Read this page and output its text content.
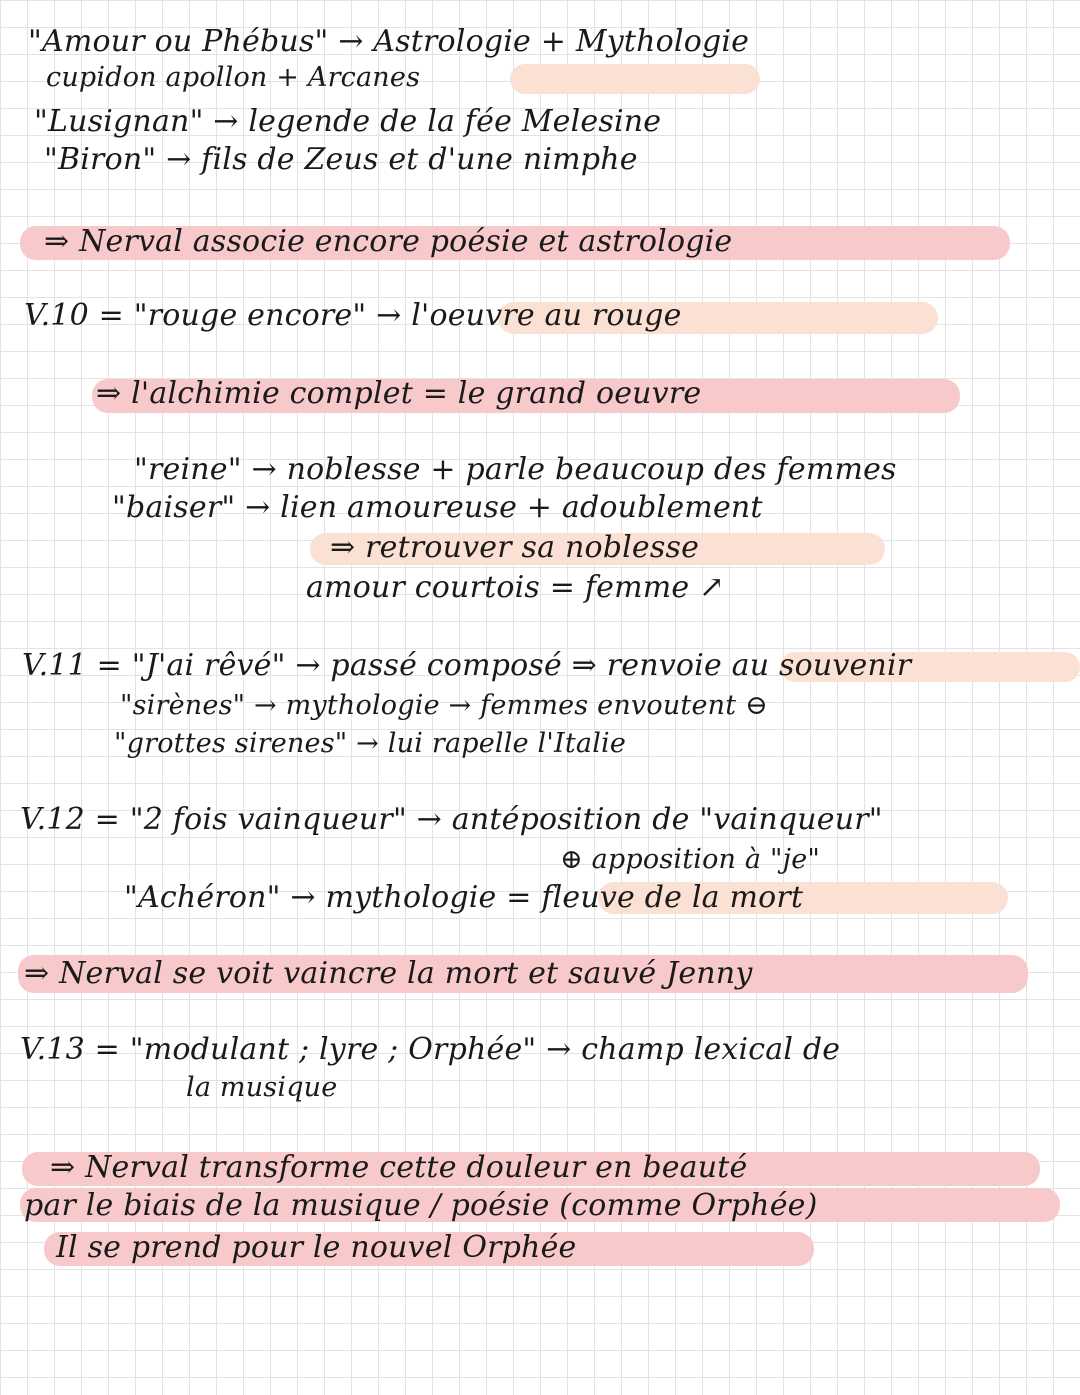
"Amour ou Phébus" → Astrologie + Mythologie
cupidon apollon + Arcanes
"Lusignan" → legende de la fée Melesine
"Biron" → fils de Zeus et d'une nimphe
⇒ Nerval associe encore poésie et astrologie
V.10 = "rouge encore" → l'oeuvre au rouge
⇒ l'alchimie complet = le grand oeuvre
"reine" → noblesse + parle beaucoup des femmes
"baiser" → lien amoureuse + adoublement
⇒ retrouver sa noblesse
amour courtois = femme ↗
V.11 = "J'ai rêvé" → passé composé ⇒ renvoie au souvenir
"sirènes" → mythologie → femmes envoutent ⊖
"grottes sirenes" → lui rapelle l'Italie
V.12 = "2 fois vainqueur" → antéposition de "vainqueur"
⊕ apposition à "je"
"Achéron" → mythologie = fleuve de la mort
⇒ Nerval se voit vaincre la mort et sauvé Jenny
V.13 = "modulant ; lyre ; Orphée" → champ lexical de
la musique
⇒ Nerval transforme cette douleur en beauté
par le biais de la musique / poésie (comme Orphée)
Il se prend pour le nouvel Orphée
